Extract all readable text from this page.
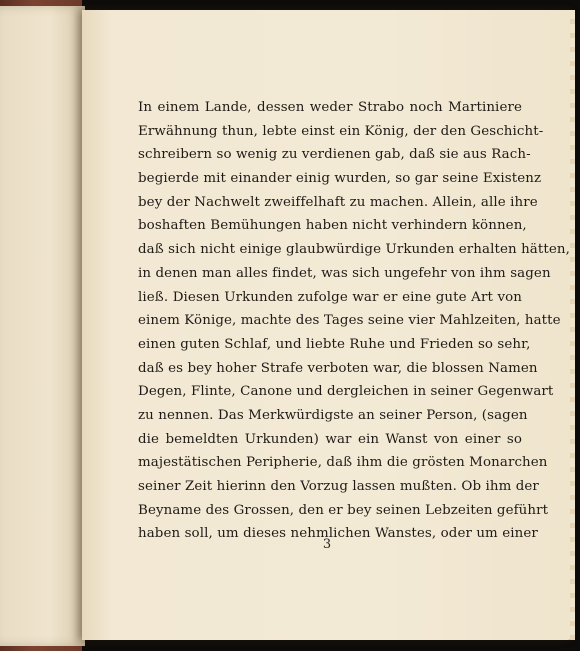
In einem Lande, dessen weder Strabo noch Martiniere
Erwähnung thun, lebte einst ein König, der den Geschicht-
schreibern so wenig zu verdienen gab, daß sie aus Rach-
begierde mit einander einig wurden, so gar seine Existenz
bey der Nachwelt zweiffelhaft zu machen. Allein, alle ihre
boshaften Bemühungen haben nicht verhindern können,
daß sich nicht einige glaubwürdige Urkunden erhalten hätten,
in denen man alles findet, was sich ungefehr von ihm sagen
ließ. Diesen Urkunden zufolge war er eine gute Art von
einem Könige, machte des Tages seine vier Mahlzeiten, hatte
einen guten Schlaf, und liebte Ruhe und Frieden so sehr,
daß es bey hoher Strafe verboten war, die blossen Namen
Degen, Flinte, Canone und dergleichen in seiner Gegenwart
zu nennen. Das Merkwürdigste an seiner Person, (sagen
die bemeldten Urkunden) war ein Wanst von einer so
majestätischen Peripherie, daß ihm die grösten Monarchen
seiner Zeit hierinn den Vorzug lassen mußten. Ob ihm der
Beyname des Grossen, den er bey seinen Lebzeiten geführt
haben soll, um dieses nehmlichen Wanstes, oder um einer
3
